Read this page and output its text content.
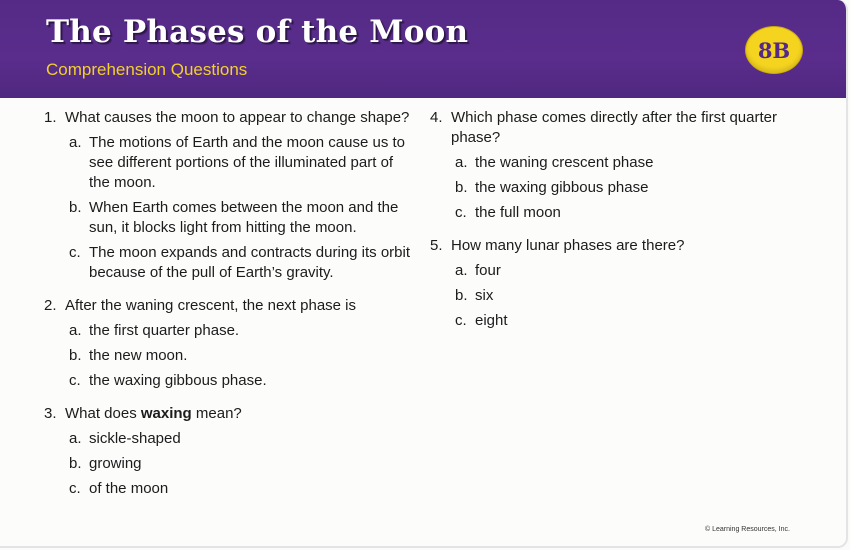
The Phases of the Moon
Comprehension Questions
8B
1. What causes the moon to appear to change shape?
a. The motions of Earth and the moon cause us to see different portions of the illuminated part of the moon.
b. When Earth comes between the moon and the sun, it blocks light from hitting the moon.
c. The moon expands and contracts during its orbit because of the pull of Earth’s gravity.
2. After the waning crescent, the next phase is
a. the first quarter phase.
b. the new moon.
c. the waxing gibbous phase.
3. What does waxing mean?
a. sickle-shaped
b. growing
c. of the moon
4. Which phase comes directly after the first quarter phase?
a. the waning crescent phase
b. the waxing gibbous phase
c. the full moon
5. How many lunar phases are there?
a. four
b. six
c. eight
© Learning Resources, Inc.
